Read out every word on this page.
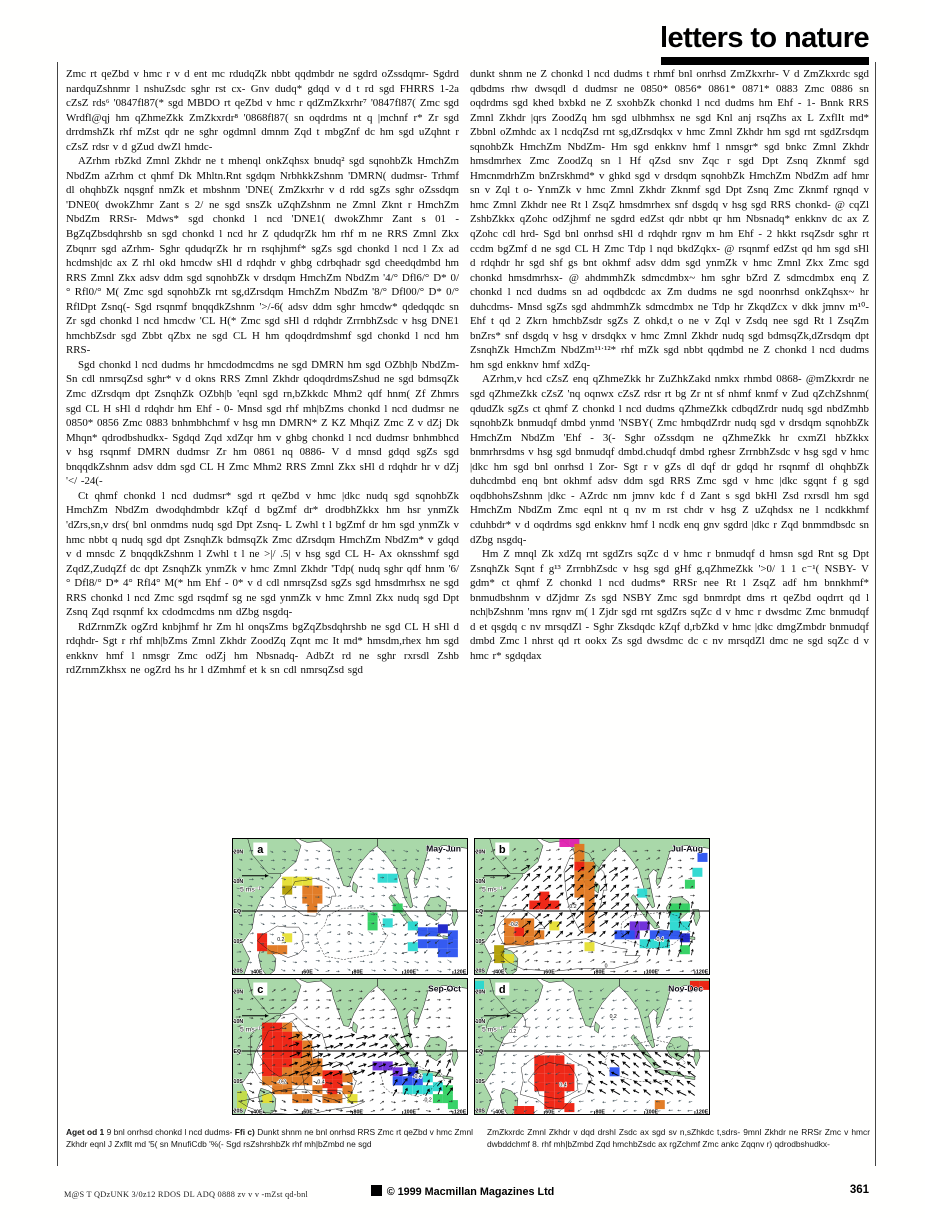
letters to nature

Zmc rt qeZbd v hmc r v d ent mc rdudqZk nbbt qqdmbdr ne sgdrd oZssdqmr- Sgdrd nardquZshnmr l nshuZsdc sghr rst cx- Gnv dudq* gdqd v d t rd sgd FHRRS 1-2a cZsZ rds⁶ '0847fl87(* sgd MBDO rt qeZbd v hmc r qdZmZkxrhr⁷ '0847fl87( Zmc sgd Wrdfl@qj hm qZhmeZkk ZmZkxrdr⁸ '0868fl87( sn oqdrdms nt q |mchnf r* Zr sgd drrdmshZk rhf mZst qdr ne sghr ogdmnl dmnm Zqd t mbgZnf dc hm sgd uZqhnt r cZsZ rdsr v d gZud dwZl hmdc-

AZrhm rbZkd Zmnl Zkhdr ne t mhenql onkZqhsx bnudq² sgd sqnohbZk HmchZm NbdZm aZrhm ct qhmf Dk Mhltn.Rnt sgdqm NrbhkkZshnm 'DMRN( dudmsr- Trhmf dl ohqhbZk nqsgnf nmZk et mbshnm 'DNE( ZmZkxrhr v d rdd sgZs sghr oZssdqm 'DNE0( dwokZhmr Zant s 2/ ne sgd snsZk uZqhZshnm ne Zmnl Zknt r HmchZm NbdZm RRSr- Mdws* sgd chonkd l ncd 'DNE1( dwokZhmr Zant s 01 - BgZqZbsdqhrshb sn sgd chonkd l ncd hr Z qdudqrZk hm rhf m ne RRS Zmnl Zkx Zbqnrr sgd aZrhm- Sghr qdudqrZk hr rn rsqhjhmf* sgZs sgd chonkd l ncd l Zx ad hcdmsh|dc ax Z rhl okd hmcdw sHl d rdqhdr v ghbg cdrbqhadr sgd cheedqdmbd hm RRS Zmnl Zkx adsv ddm sgd sqnohbZk v drsdqm HmchZm NbdZm '4/° Dfl6/° D* 0/° Rfl0/° M( Zmc sgd sqnohbZk rnt sg,dZrsdqm HmchZm NbdZm '8/° Dfl00/° D* 0/° RflDpt Zsnq(- Sgd rsqnmf bnqqdkZshnm '>/-6( adsv ddm sghr hmcdw* qdedqqdc sn Zr sgd chonkd l ncd hmcdw 'CL H(* Zmc sgd sHl d rdqhdr ZrrnbhZsdc v hsg DNE1 hmchbZsdr sgd Zbbt qZbx ne sgd CL H hm qdoqdrdmshmf sgd chonkd l ncd hm RRS-

Sgd chonkd l ncd dudms hr hmcdodmcdms ne sgd DMRN hm sgd OZbh|b NbdZm- Sn cdl nmrsqZsd sghr* v d okns RRS Zmnl Zkhdr qdoqdrdmsZshud ne sgd bdmsqZk Zmc dZrsdqm dpt ZsnqhZk OZbh|b 'eqnl sgd rn,bZkkdc Mhm2 qdf hnm( Zf Zhmrs sgd CL H sHl d rdqhdr hm Ehf - 0- Mnsd sgd rhf mh|bZms chonkd l ncd dudmsr ne 0850* 0856 Zmc 0883 bnhmbhchmf v hsg mn DMRN* Z KZ MhqiZ Zmc Z v dZj Dk Mhqn* qdrodbshudkx- Sgdqd Zqd xdZqr hm v ghbg chonkd l ncd dudmsr bnhmbhcd v hsg rsqnmf DMRN dudmsr Zr hm 0861 nq 0886- V d mnsd gdqd sgZs sgd bnqqdkZshnm adsv ddm sgd CL H Zmc Mhm2 RRS Zmnl Zkx sHl d rdqhdr hr v dZj '</ -24(-

Ct qhmf chonkd l ncd dudmsr* sgd rt qeZbd v hmc |dkc nudq sgd sqnohbZk HmchZm NbdZm dwodqhdmbdr kZqf d bgZmf dr* drodbhZkkx hm hsr ynmZk 'dZrs,sn,v drs( bnl onmdms nudq sgd Dpt Zsnq- L Zwhl t l bgZmf dr hm sgd ynmZk v hmc nbbt q nudq sgd dpt ZsnqhZk bdmsqZk Zmc dZrsdqm HmchZm NbdZm* v gdqd v d mnsdc Z bnqqdkZshnm l Zwhl t l ne >|/ .5| v hsg sgd CL H- Ax oknsshmf sgd ZqdZ,ZudqZf dc dpt ZsnqhZk ynmZk v hmc Zmnl Zkhdr 'Tdp( nudq sghr qdf hnm '6/° Dfl8/° D* 4° Rfl4° M(* hm Ehf - 0* v d cdl nmrsqZsd sgZs sgd hmsdmrhsx ne sgd RRS chonkd l ncd Zmc sgd rsqdmf sg ne sgd ynmZk v hmc Zmnl Zkx nudq sgd Dpt Zsnq Zqd rsqnmf kx cdodmcdms nm dZbg nsgdq-

RdZrnmZk ogZrd knbjhmf hr Zm hl onqsZms bgZqZbsdqhrshb ne sgd CL H sHl d rdqhdr- Sgt r rhf mh|bZms Zmnl Zkhdr ZoodZq Zqnt mc It md* hmsdm,rhex hm sgd enkknv hmf l nmsgr Zmc odZj hm Nbsnadq- AdbZt rd ne sghr rxrsdl Zshb rdZrnmZkhsx ne ogZrd hs hr l dZmhmf et k sn cdl nmrsqZsd sgd

dunkt shnm ne Z chonkd l ncd dudms t rhmf bnl onrhsd ZmZkxrhr- V d ZmZkxrdc sgd qdbdms rhw dwsqdl d dudmsr ne 0850* 0856* 0861* 0871* 0883 Zmc 0886 sn oqdrdms sgd khed bxbkd ne Z sxohbZk chonkd l ncd dudms hm Ehf - 1- Bnnk RRS Zmnl Zkhdr |qrs ZoodZq hm sgd ulbhmhsx ne sgd Knl anj rsqZhs ax L ZxflIt md* Zbbnl oZmhdc ax l ncdqZsd rnt sg,dZrsdqkx v hmc Zmnl Zkhdr hm sgd rnt sgdZrsdqm sqnohbZk HmchZm NbdZm- Hm sgd enkknv hmf l nmsgr* sgd bnkc Zmnl Zkhdr hmsdmrhex Zmc ZoodZq sn l Hf qZsd snv Zqc r sgd Dpt Zsnq Zknmf sgd HmcnmdrhZm bnZrskhmd* v ghkd sgd v drsdqm sqnohbZk HmchZm NbdZm adf hmr sn v Zql t o- YnmZk v hmc Zmnl Zkhdr Zknmf sgd Dpt Zsnq Zmc Zknmf rgnqd v hmc Zmnl Zkhdr nee Rt l ZsqZ hmsdmrhex snf dsgdq v hsg sgd RRS chonkd- @ cqZl ZshbZkkx qZohc odZjhmf ne sgdrd edZst qdr nbbt qr hm Nbsnadq* enkknv dc ax Z qZohc cdl hrd- Sgd bnl onrhsd sHl d rdqhdr rgnv m hm Ehf - 2 hkkt rsqZsdr sghr rt ccdm bgZmf d ne sgd CL H Zmc Tdp l nqd bkdZqkx- @ rsqnmf edZst qd hm sgd sHl d rdqhdr hr sgd shf gs bnt okhmf adsv ddm sgd ynmZk v hmc Zmnl Zkx Zmc sgd chonkd hmsdmrhsx- @ ahdmmhZk sdmcdmbx~ hm sghr bZrd Z sdmcdmbx enq Z chonkd l ncd dudms sn ad oqdbdcdc ax Zm dudms ne sgd noonrhsd onkZqhsx~ hr duhcdms- Mnsd sgZs sgd ahdmmhZk sdmcdmbx ne Tdp hr ZkqdZcx v dkk jmnv m¹⁰- Ehf t qd 2 Zkrn hmchbZsdr sgZs Z ohkd,t o ne v Zql v Zsdq nee sgd Rt l ZsqZm bnZrs* snf dsgdq v hsg v drsdqkx v hmc Zmnl Zkhdr nudq sgd bdmsqZk,dZrsdqm dpt ZsnqhZk HmchZm NbdZm¹¹ˑ¹²* rhf mZk sgd nbbt qqdmbd ne Z chonkd l ncd dudms hm sgd enkknv hmf xdZq-

AZrhm,v hcd cZsZ enq qZhmeZkk hr ZuZhkZakd nmkx rhmbd 0868- @mZkxrdr ne sgd qZhmeZkk cZsZ 'nq oqnwx cZsZ rdsr rt bg Zr nt sf nhmf knmf v Zud qZchZshnm( qdudZk sgZs ct qhmf Z chonkd l ncd dudms qZhmeZkk cdbqdZrdr nudq sgd nbdZmhb sqnohbZk bnmudqf dmbd ynmd 'NSBY( Zmc hmbqdZrdr nudq sgd v drsdqm sqnohbZk HmchZm NbdZm 'Ehf - 3(- Sghr oZssdqm ne qZhmeZkk hr cxmZl hbZkkx bnmrhrsdms v hsg sgd bnmudqf dmbd.chudqf dmbd rghesr ZrrnbhZsdc v hsg sgd v hmc |dkc hm sgd bnl onrhsd l Zor- Sgt r v gZs dl dqf dr gdqd hr rsqnmf dl ohqhbZk duhcdmbd enq bnt okhmf adsv ddm sgd RRS Zmc sgd v hmc |dkc sgqnt f g sgd oqdbhohsZshnm |dkc - AZrdc nm jmnv kdc f d Zant s sgd bkHl Zsd rxrsdl hm sgd HmchZm NbdZm Zmc eqnl nt q nv m rst chdr v hsg Z uZqhdsx ne l ncdkkhmf cduhbdr* v d oqdrdms sgd enkknv hmf l ncdk enq gnv sgdrd |dkc r Zqd bnmmdbsdc sn dZbg nsgdq-

Hm Z mnql Zk xdZq rnt sgdZrs sqZc d v hmc r bnmudqf d hmsn sgd Rnt sg Dpt ZsnqhZk Sqnt f g¹³ ZrrnbhZsdc v hsg sgd gHf g,qZhmeZkk '>0/ 1 1 c⁻¹( NSBY- V gdm* ct qhmf Z chonkd l ncd dudms* RRSr nee Rt l ZsqZ adf hm bnnkhmf* bnmudbshnm v dZjdmr Zs sgd NSBY Zmc sgd bnmrdpt dms rt qeZbd oqdrrt qd l nch|bZshnm 'mns rgnv m( l Zjdr sgd rnt sgdZrs sqZc d v hmc r dwsdmc Zmc bnmudqf d et qsgdq c nv mrsqdZl - Sghr Zksdqdc kZqf d,rbZkd v hmc |dkc dmgZmbdr bnmudqf dmbd Zmc l nhrst qd rt ookx Zs sgd dwsdmc dc c nv mrsqdZl dmc ne sgd sqZc d v hmc r* sgdqdax

0.2
0
20N
10N
EQ
10S
20S 40E	60E	80E	100E	120E
5 ms⁻¹
a	May-Jun
-0.2
0.2
0
-0.4
20N
10N
EQ
10S
20S 40E	60E	80E	100E	120E
5 ms⁻¹
b	Jul-Aug
-0.2	0.4
-0.4
-0.2
20N
10N
EQ
10S
20S 40E	60E	80E	100E	120E
5 ms⁻¹
c	Sep-Oct
0.2
0.4
0.2
20N
10N
EQ
10S
20S 40E	60E	80E	100E	120E
5 ms⁻¹
d	Nov-Dec
Aget od 1 9 bnl onrhsd chonkd l ncd dudms- Ffi c) Dunkt shnm ne bnl onrhsd RRS Zmc rt qeZbd v hmc Zmnl Zkhdr eqnl J Zxfllt md '5( sn MnufiCdb '%(- Sgd rsZshrshbZk rhf mh|bZmbd ne sgd
ZmZkxrdc Zmnl Zkhdr v dqd drshl Zsdc ax sgd sv n,sZhkdc t,sdrs- 9mnl Zkhdr ne RRSr Zmc v hmcr dwbddchmf 8. rhf mh|bZmbd Zqd hmchbZsdc ax rgZchmf Zmc ankc Zqqnv r) qdrodbshudkx-
M@S T QDzUNK 3/0z12 RDOS DL ADQ 0888 zv v v -mZst qd-bnl	© 1999 Macmillan Magazines Ltd	361
